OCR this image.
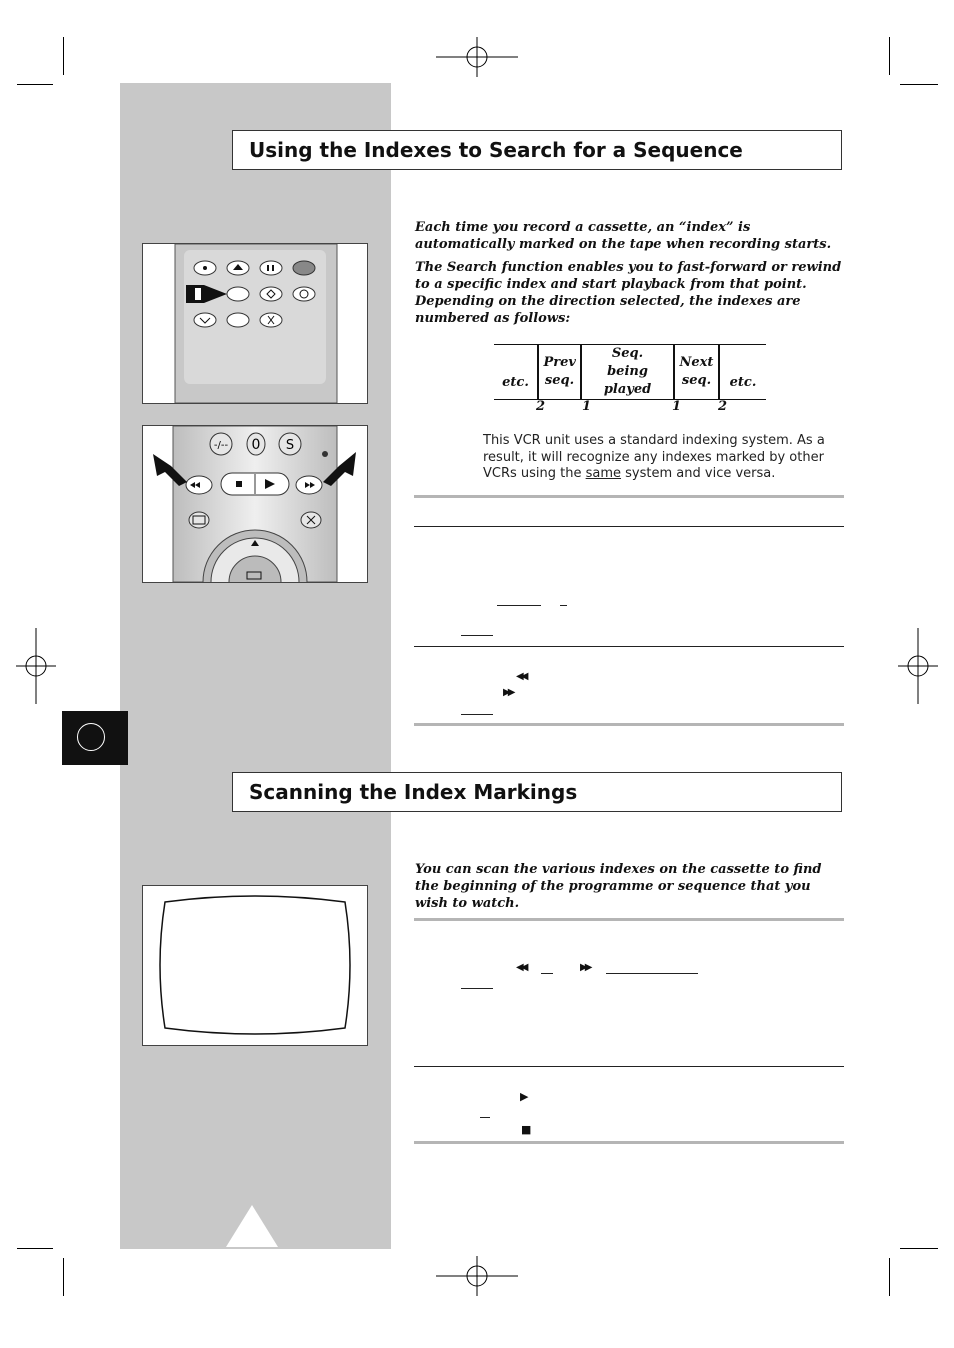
Using the Indexes to Search for a Sequence

Each time you record a cassette, an “index” is automatically marked on the tape when recording starts.

The Search function enables you to fast-forward or rewind to a specific index and start playback from that point. Depending on the direction selected, the indexes are numbered as follows:

etc.	Prev seq.	Seq. being played	Next seq.	etc.
2	1	1	2
This VCR unit uses a standard indexing system. As a result, it will recognize any indexes marked by other VCRs using the same system and vice versa.
◀◀
▶▶
Scanning the Index Markings

You can scan the various indexes on the cassette to find the beginning of the programme or sequence that you wish to watch.

◀◀	▶▶
▶
■
-/-- 0 S
